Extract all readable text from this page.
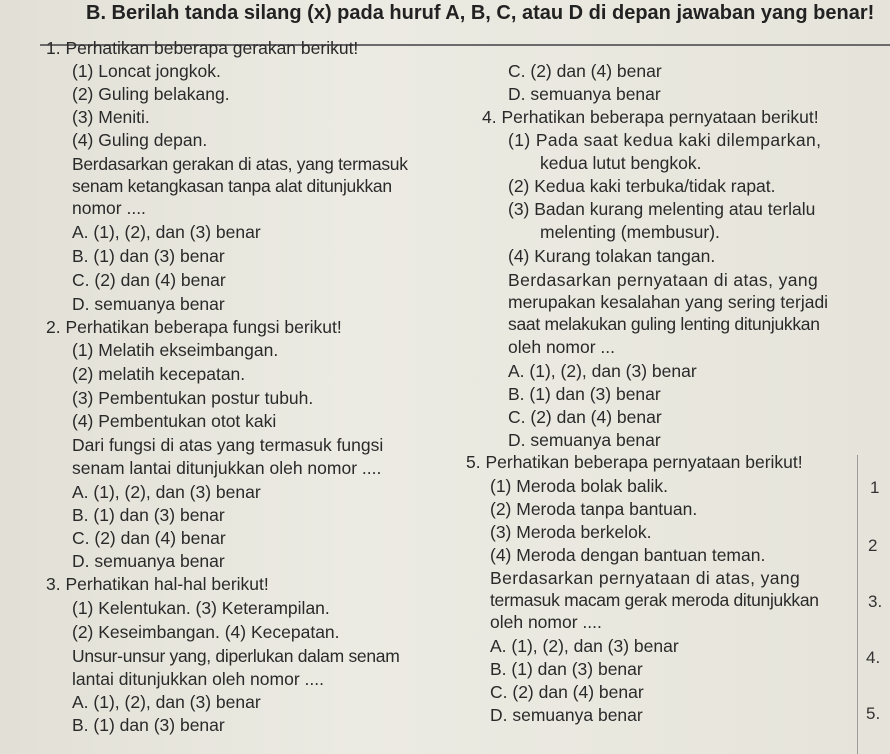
B. Berilah tanda silang (x) pada huruf A, B, C, atau D di depan jawaban yang benar!
1. Perhatikan beberapa gerakan berikut!
(1) Loncat jongkok.
(2) Guling belakang.
(3) Meniti.
(4) Guling depan.
Berdasarkan gerakan di atas, yang termasuk
senam ketangkasan tanpa alat ditunjukkan
nomor ....
A. (1), (2), dan (3) benar
B. (1) dan (3) benar
C. (2) dan (4) benar
D. semuanya benar
2. Perhatikan beberapa fungsi berikut!
(1) Melatih ekseimbangan.
(2) melatih kecepatan.
(3) Pembentukan postur tubuh.
(4) Pembentukan otot kaki
Dari fungsi di atas yang termasuk fungsi
senam lantai ditunjukkan oleh nomor ....
A. (1), (2), dan (3) benar
B. (1) dan (3) benar
C. (2) dan (4) benar
D. semuanya benar
3. Perhatikan hal-hal berikut!
(1) Kelentukan. (3) Keterampilan.
(2) Keseimbangan. (4) Kecepatan.
Unsur-unsur yang, diperlukan dalam senam
lantai ditunjukkan oleh nomor ....
A. (1), (2), dan (3) benar
B. (1) dan (3) benar
C. (2) dan (4) benar
D. semuanya benar
4. Perhatikan beberapa pernyataan berikut!
(1) Pada saat kedua kaki dilemparkan,
kedua lutut bengkok.
(2) Kedua kaki terbuka/tidak rapat.
(3) Badan kurang melenting atau terlalu
melenting (membusur).
(4) Kurang tolakan tangan.
Berdasarkan pernyataan di atas, yang
merupakan kesalahan yang sering terjadi
saat melakukan guling lenting ditunjukkan
oleh nomor ...
A. (1), (2), dan (3) benar
B. (1) dan (3) benar
C. (2) dan (4) benar
D. semuanya benar
5. Perhatikan beberapa pernyataan berikut!
(1) Meroda bolak balik.
(2) Meroda tanpa bantuan.
(3) Meroda berkelok.
(4) Meroda dengan bantuan teman.
Berdasarkan pernyataan di atas, yang
termasuk macam gerak meroda ditunjukkan
oleh nomor ....
A. (1), (2), dan (3) benar
B. (1) dan (3) benar
C. (2) dan (4) benar
D. semuanya benar
1
2
3.
4.
5.
